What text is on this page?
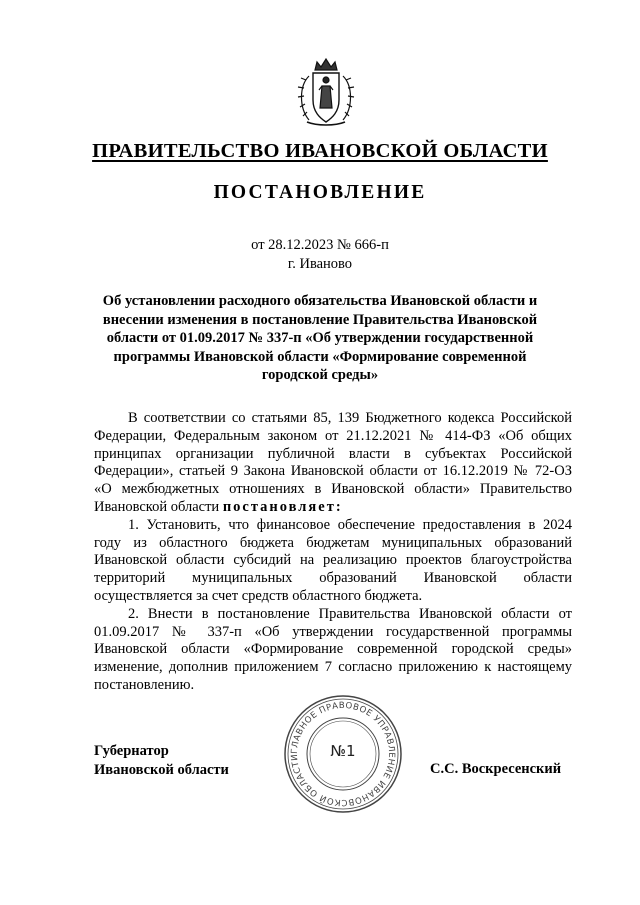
ПРАВИТЕЛЬСТВО ИВАНОВСКОЙ ОБЛАСТИ
ПОСТАНОВЛЕНИЕ
от 28.12.2023 № 666-п
г. Иваново
Об установлении расходного обязательства Ивановской области и внесении изменения в постановление Правительства Ивановской области от 01.09.2017 № 337-п «Об утверждении государственной программы Ивановской области «Формирование современной городской среды»

В соответствии со статьями 85, 139 Бюджетного кодекса Российской Федерации, Федеральным законом от 21.12.2021 № 414-ФЗ «Об общих принципах организации публичной власти в субъектах Российской Федерации», статьей 9 Закона Ивановской области от 16.12.2019 № 72-ОЗ «О межбюджетных отношениях в Ивановской области» Правительство Ивановской области постановляет:

1. Установить, что финансовое обеспечение предоставления в 2024 году из областного бюджета бюджетам муниципальных образований Ивановской области субсидий на реализацию проектов благоустройства территорий муниципальных образований Ивановской области осуществляется за счет средств областного бюджета.

2. Внести в постановление Правительства Ивановской области от 01.09.2017 № 337-п «Об утверждении государственной программы Ивановской области «Формирование современной городской среды» изменение, дополнив приложением 7 согласно приложению к настоящему постановлению.

Губернатор
Ивановской области
ГЛАВНОЕ ПРАВОВОЕ УПРАВЛЕНИЕ ИВАНОВСКОЙ ОБЛАСТИ	№1
С.С. Воскресенский
